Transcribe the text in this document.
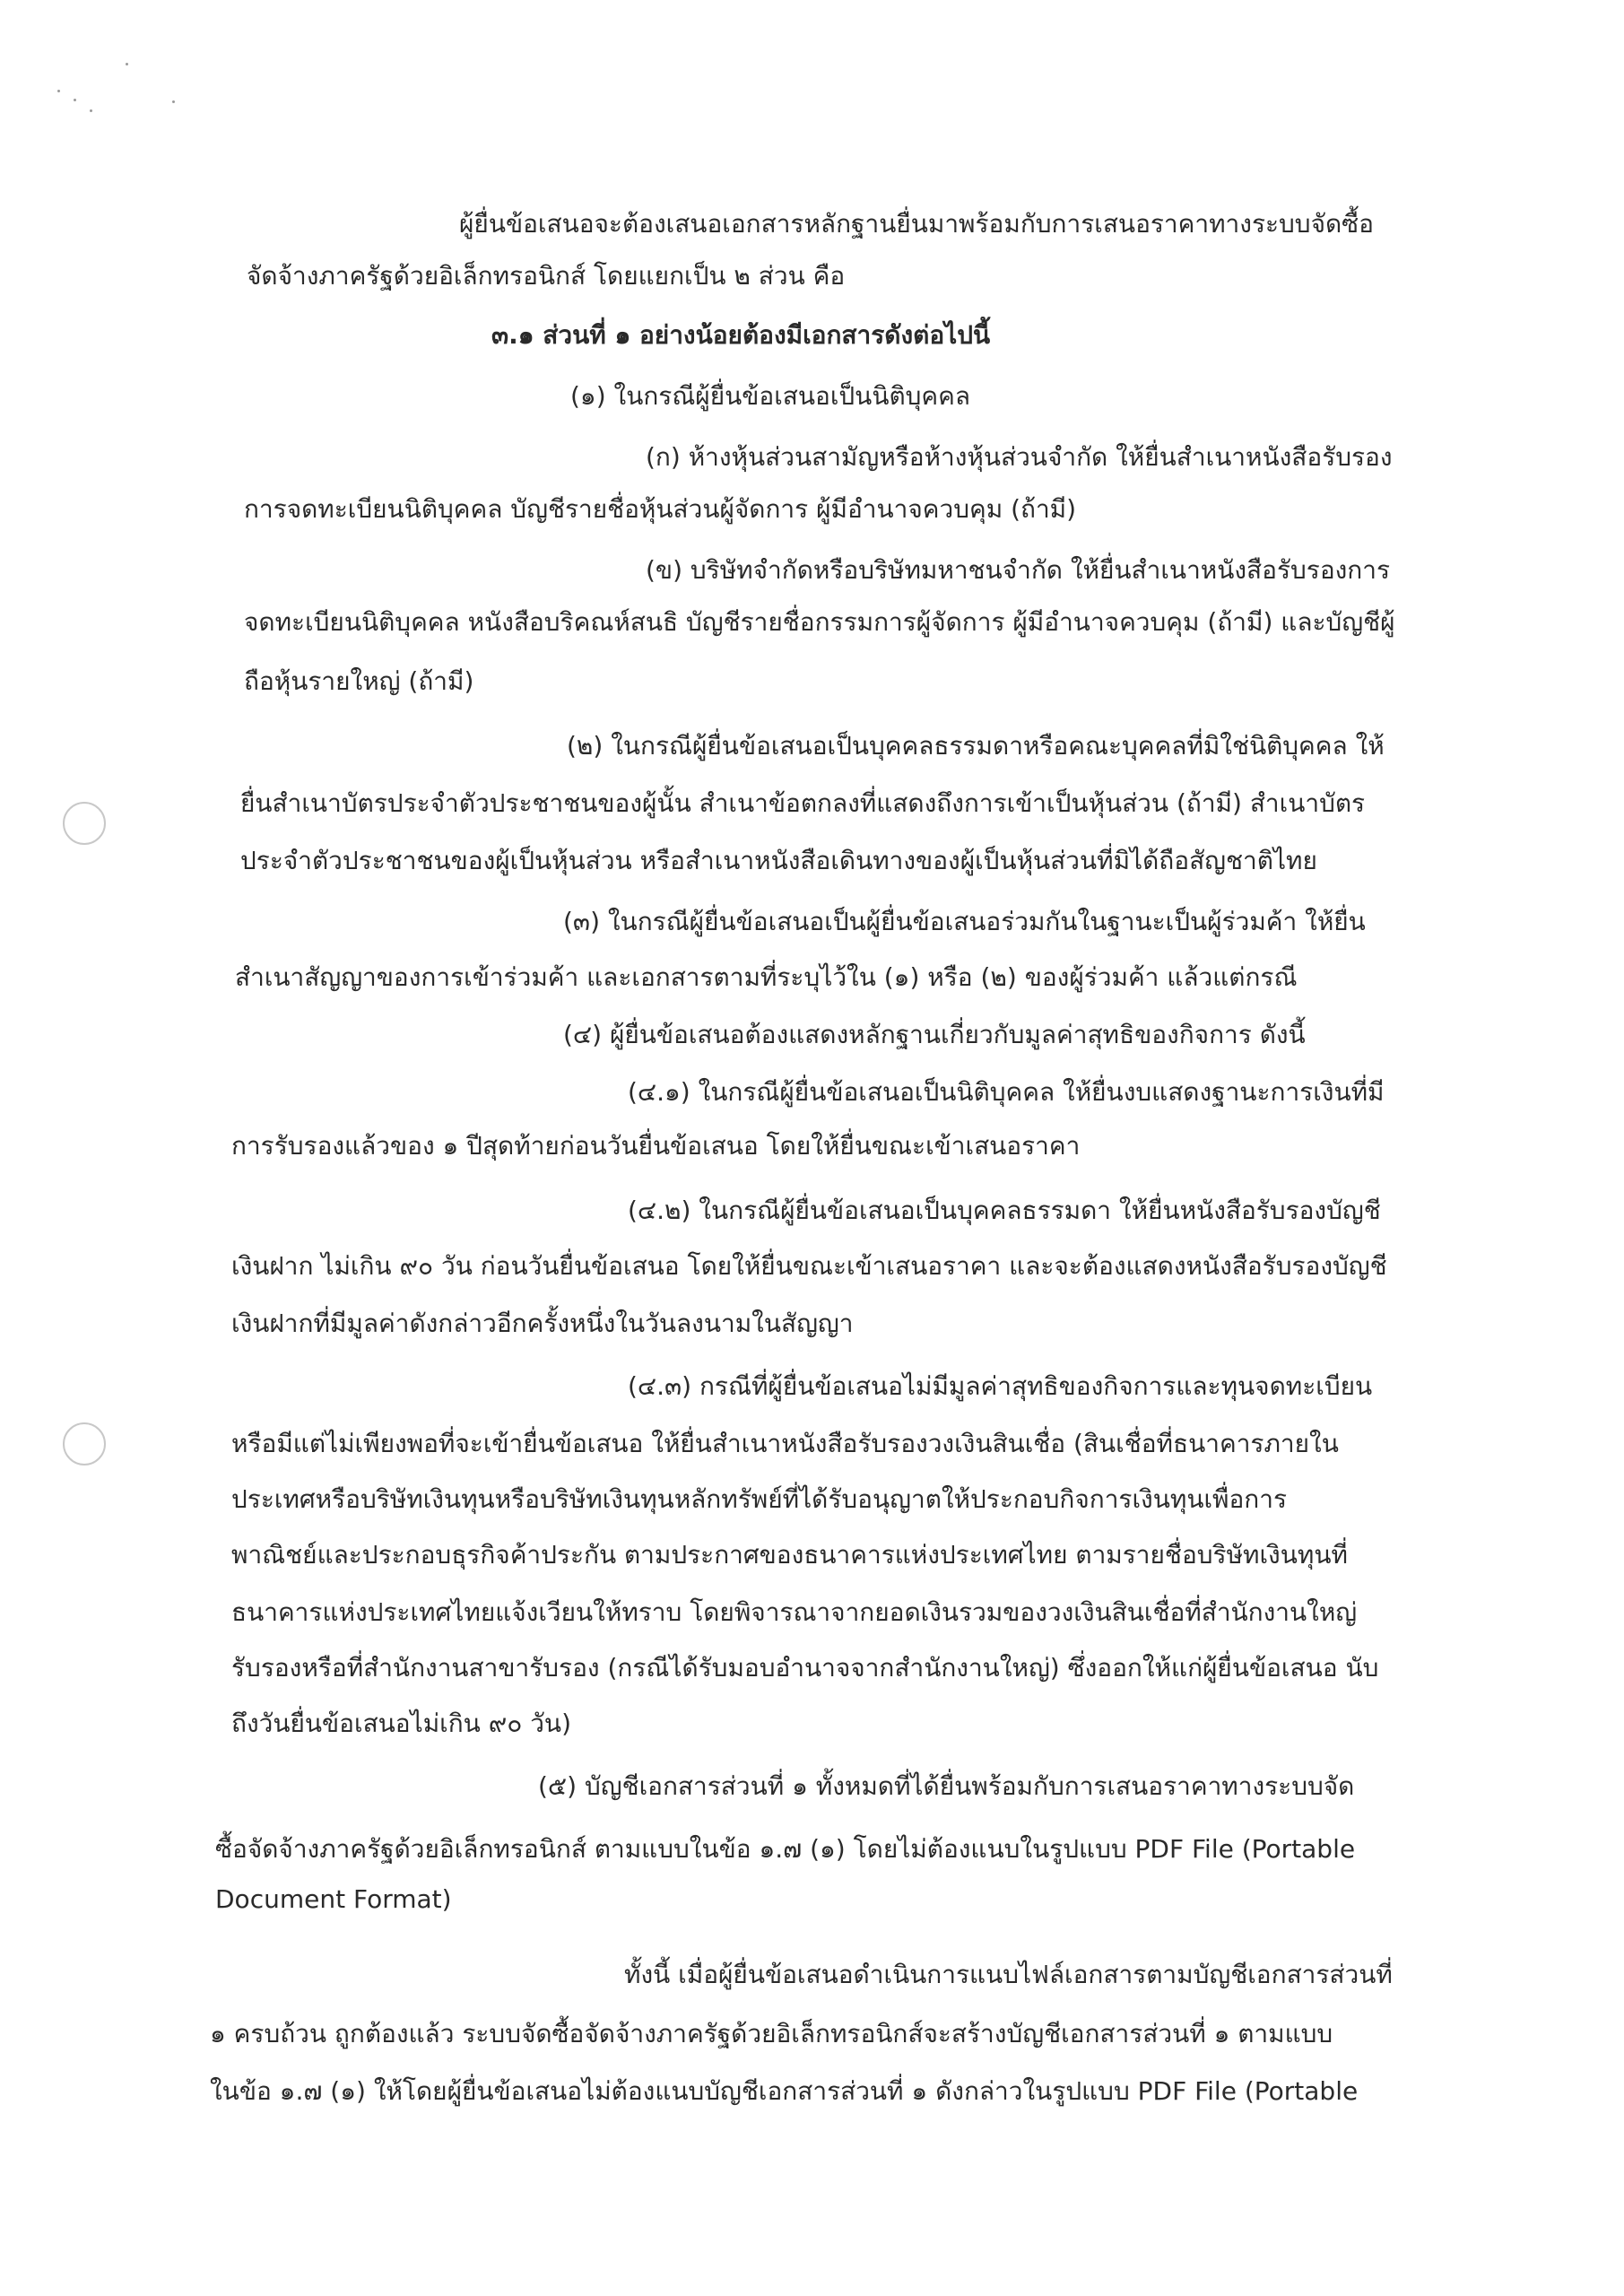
ผู้ยื่นข้อเสนอจะต้องเสนอเอกสารหลักฐานยื่นมาพร้อมกับการเสนอราคาทางระบบจัดซื้อ

จัดจ้างภาครัฐด้วยอิเล็กทรอนิกส์ โดยแยกเป็น ๒ ส่วน คือ

๓.๑ ส่วนที่ ๑ อย่างน้อยต้องมีเอกสารดังต่อไปนี้

(๑) ในกรณีผู้ยื่นข้อเสนอเป็นนิติบุคคล

(ก) ห้างหุ้นส่วนสามัญหรือห้างหุ้นส่วนจำกัด ให้ยื่นสำเนาหนังสือรับรอง

การจดทะเบียนนิติบุคคล บัญชีรายชื่อหุ้นส่วนผู้จัดการ ผู้มีอำนาจควบคุม (ถ้ามี)

(ข) บริษัทจำกัดหรือบริษัทมหาชนจำกัด ให้ยื่นสำเนาหนังสือรับรองการ

จดทะเบียนนิติบุคคล หนังสือบริคณห์สนธิ บัญชีรายชื่อกรรมการผู้จัดการ ผู้มีอำนาจควบคุม (ถ้ามี) และบัญชีผู้

ถือหุ้นรายใหญ่ (ถ้ามี)

(๒) ในกรณีผู้ยื่นข้อเสนอเป็นบุคคลธรรมดาหรือคณะบุคคลที่มิใช่นิติบุคคล ให้

ยื่นสำเนาบัตรประจำตัวประชาชนของผู้นั้น สำเนาข้อตกลงที่แสดงถึงการเข้าเป็นหุ้นส่วน (ถ้ามี) สำเนาบัตร

ประจำตัวประชาชนของผู้เป็นหุ้นส่วน หรือสำเนาหนังสือเดินทางของผู้เป็นหุ้นส่วนที่มิได้ถือสัญชาติไทย

(๓) ในกรณีผู้ยื่นข้อเสนอเป็นผู้ยื่นข้อเสนอร่วมกันในฐานะเป็นผู้ร่วมค้า ให้ยื่น

สำเนาสัญญาของการเข้าร่วมค้า และเอกสารตามที่ระบุไว้ใน (๑) หรือ (๒) ของผู้ร่วมค้า แล้วแต่กรณี

(๔) ผู้ยื่นข้อเสนอต้องแสดงหลักฐานเกี่ยวกับมูลค่าสุทธิของกิจการ ดังนี้

(๔.๑) ในกรณีผู้ยื่นข้อเสนอเป็นนิติบุคคล ให้ยื่นงบแสดงฐานะการเงินที่มี

การรับรองแล้วของ ๑ ปีสุดท้ายก่อนวันยื่นข้อเสนอ โดยให้ยื่นขณะเข้าเสนอราคา

(๔.๒) ในกรณีผู้ยื่นข้อเสนอเป็นบุคคลธรรมดา ให้ยื่นหนังสือรับรองบัญชี

เงินฝาก ไม่เกิน ๙๐ วัน ก่อนวันยื่นข้อเสนอ โดยให้ยื่นขณะเข้าเสนอราคา และจะต้องแสดงหนังสือรับรองบัญชี

เงินฝากที่มีมูลค่าดังกล่าวอีกครั้งหนึ่งในวันลงนามในสัญญา

(๔.๓) กรณีที่ผู้ยื่นข้อเสนอไม่มีมูลค่าสุทธิของกิจการและทุนจดทะเบียน

หรือมีแต่ไม่เพียงพอที่จะเข้ายื่นข้อเสนอ ให้ยื่นสำเนาหนังสือรับรองวงเงินสินเชื่อ (สินเชื่อที่ธนาคารภายใน

ประเทศหรือบริษัทเงินทุนหรือบริษัทเงินทุนหลักทรัพย์ที่ได้รับอนุญาตให้ประกอบกิจการเงินทุนเพื่อการ

พาณิชย์และประกอบธุรกิจค้าประกัน ตามประกาศของธนาคารแห่งประเทศไทย ตามรายชื่อบริษัทเงินทุนที่

ธนาคารแห่งประเทศไทยแจ้งเวียนให้ทราบ โดยพิจารณาจากยอดเงินรวมของวงเงินสินเชื่อที่สำนักงานใหญ่

รับรองหรือที่สำนักงานสาขารับรอง (กรณีได้รับมอบอำนาจจากสำนักงานใหญ่) ซึ่งออกให้แก่ผู้ยื่นข้อเสนอ นับ

ถึงวันยื่นข้อเสนอไม่เกิน ๙๐ วัน)

(๕) บัญชีเอกสารส่วนที่ ๑ ทั้งหมดที่ได้ยื่นพร้อมกับการเสนอราคาทางระบบจัด

ซื้อจัดจ้างภาครัฐด้วยอิเล็กทรอนิกส์ ตามแบบในข้อ ๑.๗ (๑) โดยไม่ต้องแนบในรูปแบบ PDF File (Portable

Document Format)

ทั้งนี้ เมื่อผู้ยื่นข้อเสนอดำเนินการแนบไฟล์เอกสารตามบัญชีเอกสารส่วนที่

๑ ครบถ้วน ถูกต้องแล้ว ระบบจัดซื้อจัดจ้างภาครัฐด้วยอิเล็กทรอนิกส์จะสร้างบัญชีเอกสารส่วนที่ ๑ ตามแบบ

ในข้อ ๑.๗ (๑) ให้โดยผู้ยื่นข้อเสนอไม่ต้องแนบบัญชีเอกสารส่วนที่ ๑ ดังกล่าวในรูปแบบ PDF File (Portable
